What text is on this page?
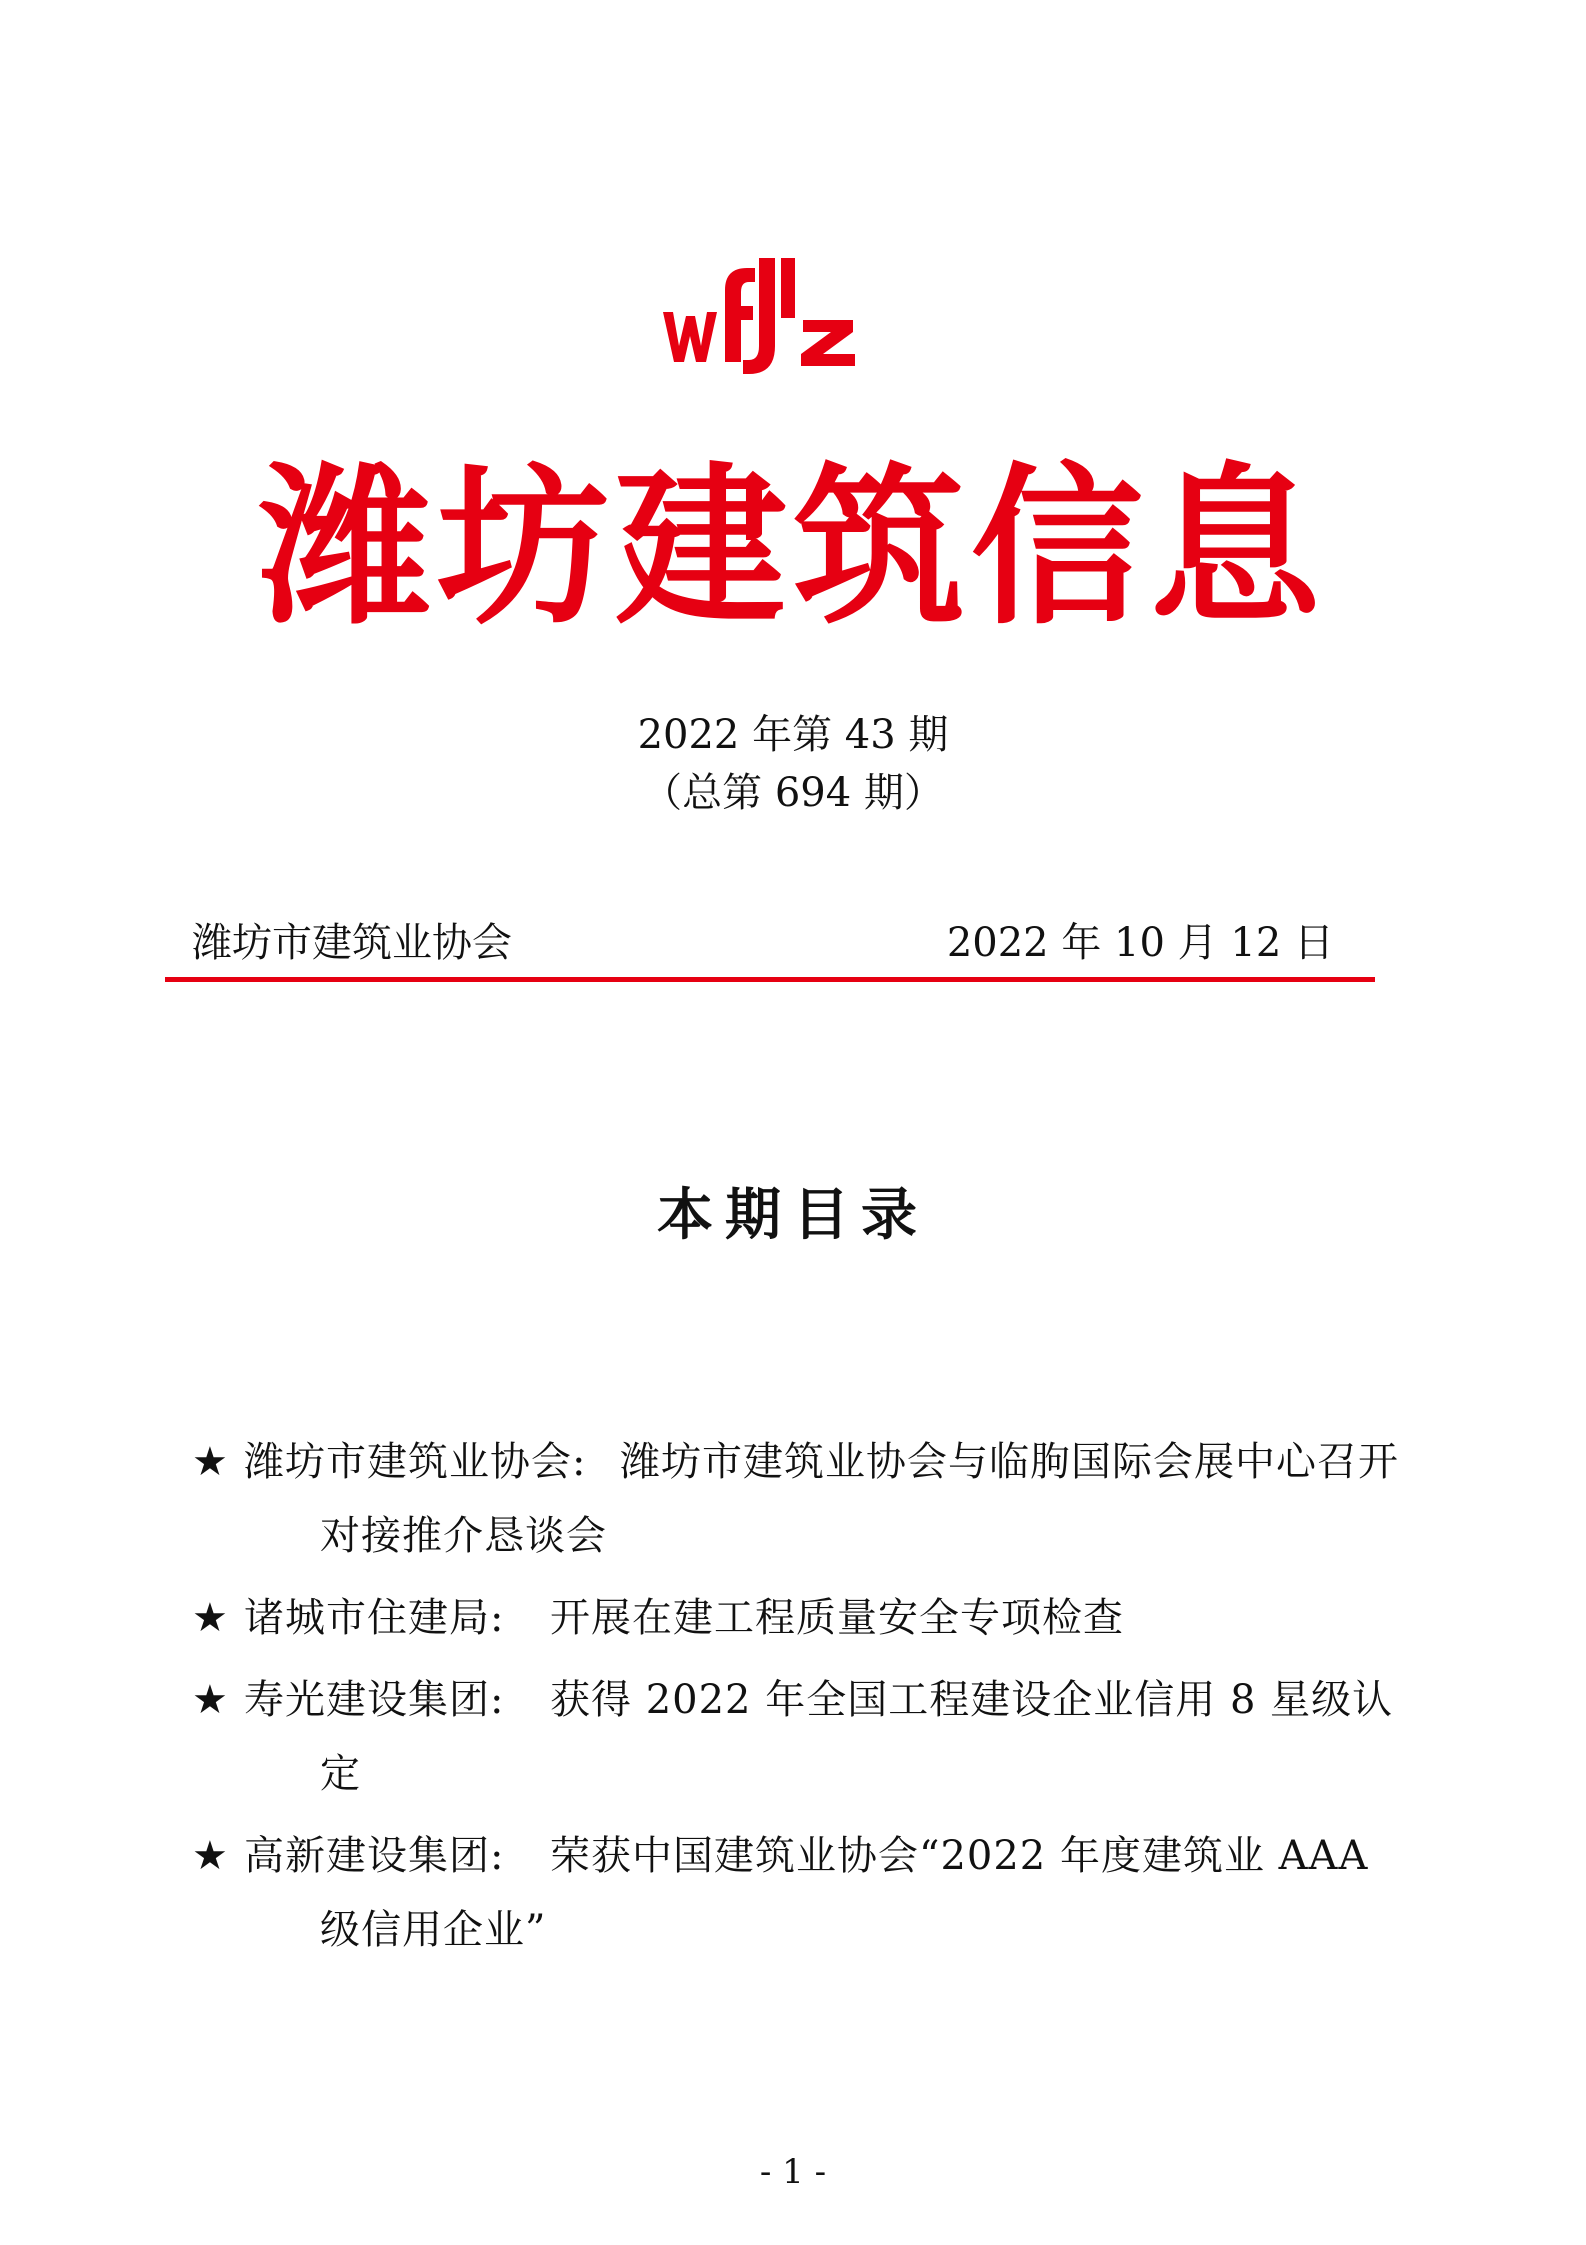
潍坊建筑信息
2022 年第 43 期
（总第 694 期）
潍坊市建筑业协会	2022 年 10 月 12 日
本期目录
★ 潍坊市建筑业协会: 潍坊市建筑业协会与临朐国际会展中心召开对接推介恳谈会
★ 诸城市住建局:	开展在建工程质量安全专项检查
★ 寿光建设集团:	获得 2022 年全国工程建设企业信用 8 星级认定
★ 高新建设集团:	荣获中国建筑业协会“2022 年度建筑业 AAA 级信用企业”
- 1 -
